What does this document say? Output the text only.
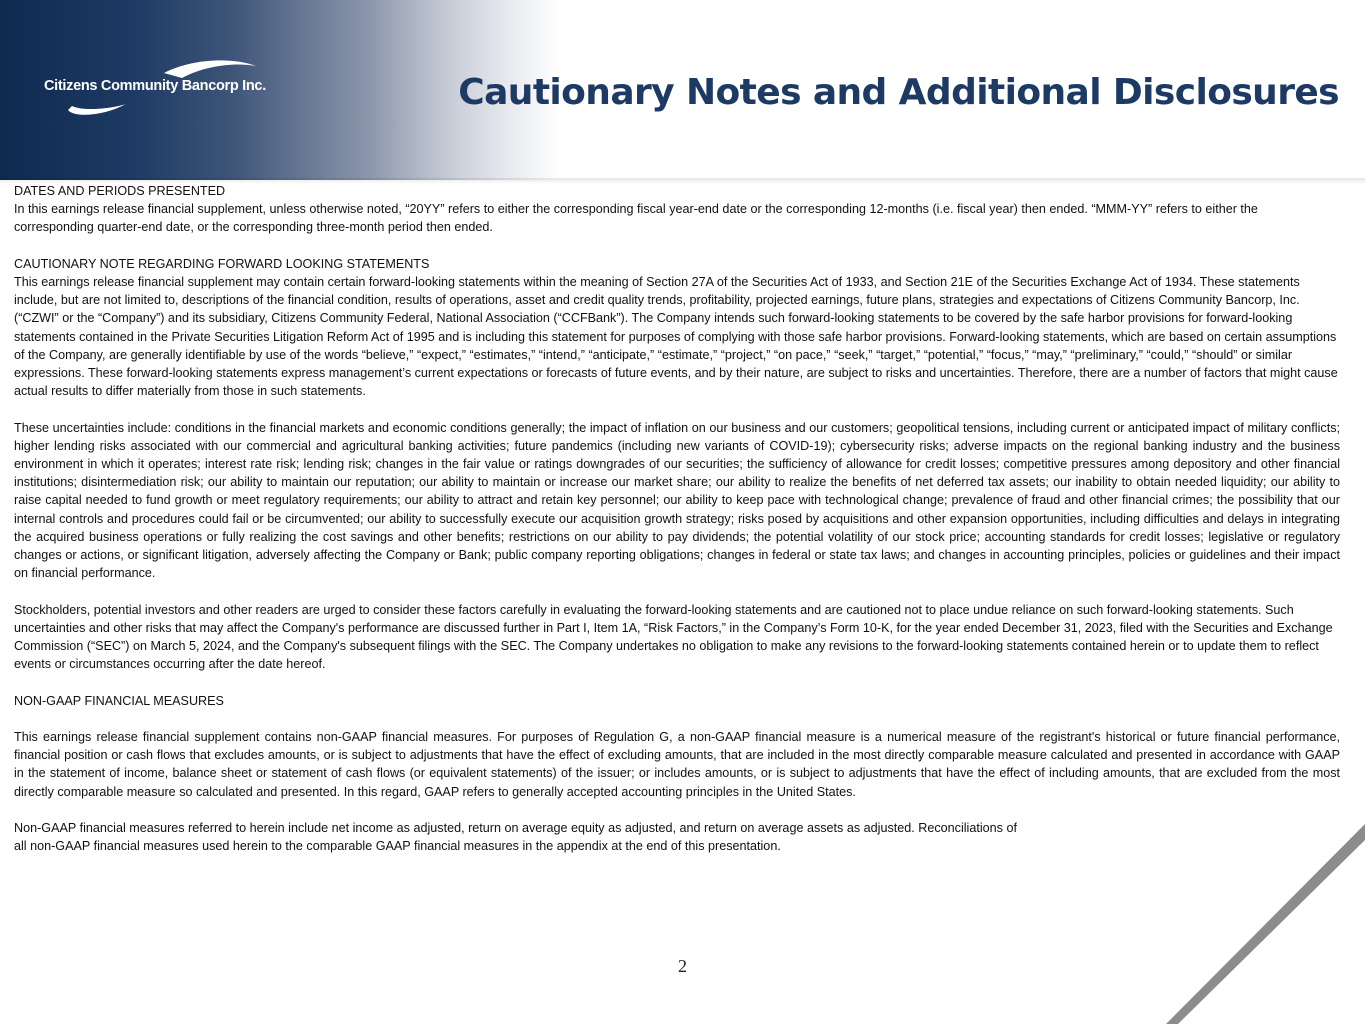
Citizens Community Bancorp Inc.	Cautionary Notes and Additional Disclosures

DATES AND PERIODS PRESENTED

In this earnings release financial supplement, unless otherwise noted, “20YY” refers to either the corresponding fiscal year-end date or the corresponding 12-months (i.e. fiscal year) then ended. “MMM-YY” refers to either the corresponding quarter-end date, or the corresponding three-month period then ended.

CAUTIONARY NOTE REGARDING FORWARD LOOKING STATEMENTS

This earnings release financial supplement may contain certain forward-looking statements within the meaning of Section 27A of the Securities Act of 1933, and Section 21E of the Securities Exchange Act of 1934. These statements include, but are not limited to, descriptions of the financial condition, results of operations, asset and credit quality trends, profitability, projected earnings, future plans, strategies and expectations of Citizens Community Bancorp, Inc. (“CZWI” or the “Company”) and its subsidiary, Citizens Community Federal, National Association (“CCFBank”). The Company intends such forward-looking statements to be covered by the safe harbor provisions for forward-looking statements contained in the Private Securities Litigation Reform Act of 1995 and is including this statement for purposes of complying with those safe harbor provisions. Forward-looking statements, which are based on certain assumptions of the Company, are generally identifiable by use of the words “believe,” “expect,” “estimates,” “intend,” “anticipate,” “estimate,” “project,” “on pace,” “seek,” “target,” “potential,” “focus,” “may,” “preliminary,” “could,” “should” or similar expressions. These forward-looking statements express management’s current expectations or forecasts of future events, and by their nature, are subject to risks and uncertainties. Therefore, there are a number of factors that might cause actual results to differ materially from those in such statements.

These uncertainties include: conditions in the financial markets and economic conditions generally; the impact of inflation on our business and our customers; geopolitical tensions, including current or anticipated impact of military conflicts; higher lending risks associated with our commercial and agricultural banking activities; future pandemics (including new variants of COVID-19); cybersecurity risks; adverse impacts on the regional banking industry and the business environment in which it operates; interest rate risk; lending risk; changes in the fair value or ratings downgrades of our securities; the sufficiency of allowance for credit losses; competitive pressures among depository and other financial institutions; disintermediation risk; our ability to maintain our reputation; our ability to maintain or increase our market share; our ability to realize the benefits of net deferred tax assets; our inability to obtain needed liquidity; our ability to raise capital needed to fund growth or meet regulatory requirements; our ability to attract and retain key personnel; our ability to keep pace with technological change; prevalence of fraud and other financial crimes; the possibility that our internal controls and procedures could fail or be circumvented; our ability to successfully execute our acquisition growth strategy; risks posed by acquisitions and other expansion opportunities, including difficulties and delays in integrating the acquired business operations or fully realizing the cost savings and other benefits; restrictions on our ability to pay dividends; the potential volatility of our stock price; accounting standards for credit losses; legislative or regulatory changes or actions, or significant litigation, adversely affecting the Company or Bank; public company reporting obligations; changes in federal or state tax laws; and changes in accounting principles, policies or guidelines and their impact on financial performance.

Stockholders, potential investors and other readers are urged to consider these factors carefully in evaluating the forward-looking statements and are cautioned not to place undue reliance on such forward-looking statements. Such uncertainties and other risks that may affect the Company's performance are discussed further in Part I, Item 1A, “Risk Factors,” in the Company’s Form 10-K, for the year ended December 31, 2023, filed with the Securities and Exchange Commission (“SEC”) on March 5, 2024, and the Company's subsequent filings with the SEC. The Company undertakes no obligation to make any revisions to the forward-looking statements contained herein or to update them to reflect events or circumstances occurring after the date hereof.

NON-GAAP FINANCIAL MEASURES

This earnings release financial supplement contains non-GAAP financial measures. For purposes of Regulation G, a non-GAAP financial measure is a numerical measure of the registrant's historical or future financial performance, financial position or cash flows that excludes amounts, or is subject to adjustments that have the effect of excluding amounts, that are included in the most directly comparable measure calculated and presented in accordance with GAAP in the statement of income, balance sheet or statement of cash flows (or equivalent statements) of the issuer; or includes amounts, or is subject to adjustments that have the effect of including amounts, that are excluded from the most directly comparable measure so calculated and presented. In this regard, GAAP refers to generally accepted accounting principles in the United States.

Non-GAAP financial measures referred to herein include net income as adjusted, return on average equity as adjusted, and return on average assets as adjusted. Reconciliations of

all non-GAAP financial measures used herein to the comparable GAAP financial measures in the appendix at the end of this presentation.

2
